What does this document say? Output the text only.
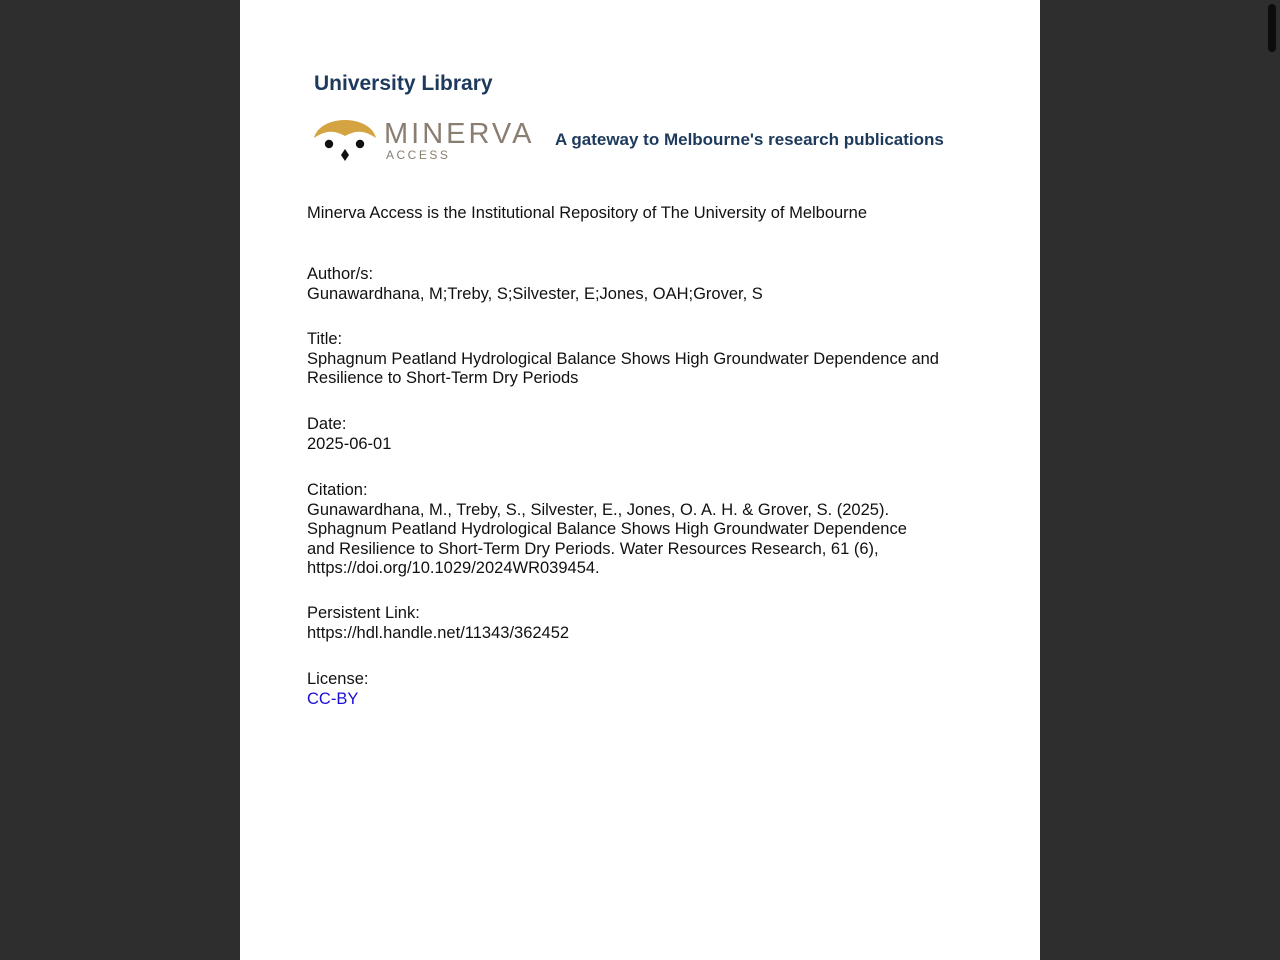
University Library
MINERVA
ACCESS
A gateway to Melbourne's research publications
Minerva Access is the Institutional Repository of The University of Melbourne
Author/s:
Gunawardhana, M;Treby, S;Silvester, E;Jones, OAH;Grover, S
Title:
Sphagnum Peatland Hydrological Balance Shows High Groundwater Dependence and Resilience to Short-Term Dry Periods
Date:
2025-06-01
Citation:
Gunawardhana, M., Treby, S., Silvester, E., Jones, O. A. H. & Grover, S. (2025). Sphagnum Peatland Hydrological Balance Shows High Groundwater Dependence and Resilience to Short-Term Dry Periods. Water Resources Research, 61 (6), https://doi.org/10.1029/2024WR039454.
Persistent Link:
https://hdl.handle.net/11343/362452
License:
CC-BY
